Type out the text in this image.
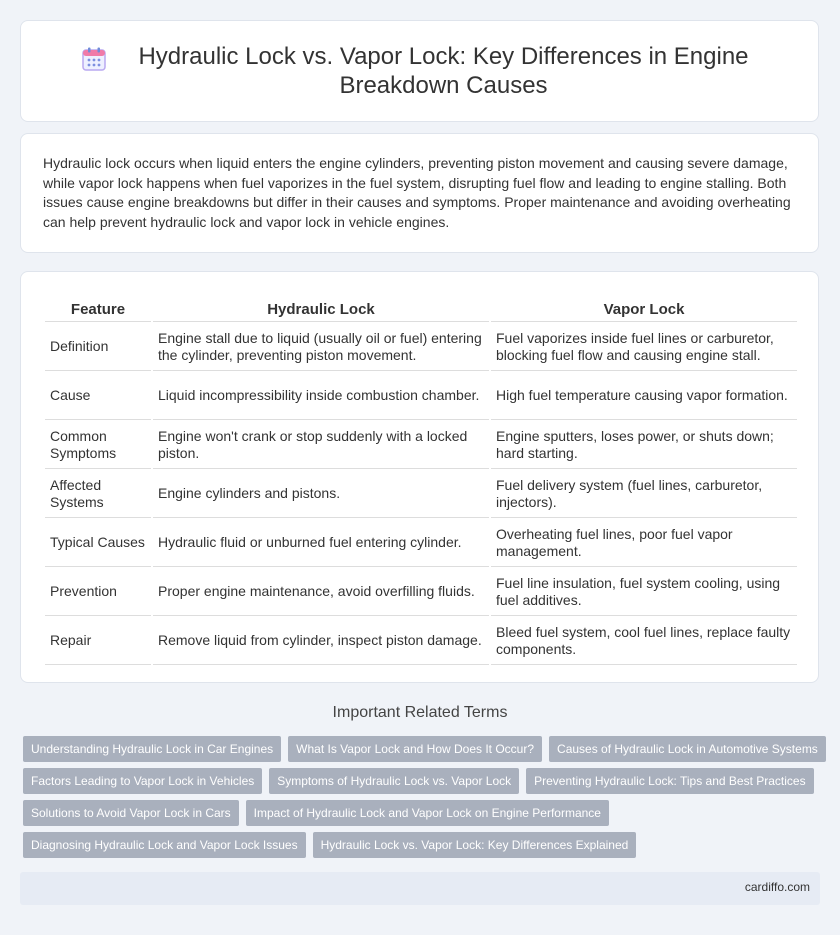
Hydraulic Lock vs. Vapor Lock: Key Differences in Engine Breakdown Causes

Hydraulic lock occurs when liquid enters the engine cylinders, preventing piston movement and causing severe damage, while vapor lock happens when fuel vaporizes in the fuel system, disrupting fuel flow and leading to engine stalling. Both issues cause engine breakdowns but differ in their causes and symptoms. Proper maintenance and avoiding overheating can help prevent hydraulic lock and vapor lock in vehicle engines.

Feature	Hydraulic Lock	Vapor Lock
Definition	Engine stall due to liquid (usually oil or fuel) entering the cylinder, preventing piston movement.	Fuel vaporizes inside fuel lines or carburetor, blocking fuel flow and causing engine stall.
Cause	Liquid incompressibility inside combustion chamber.	High fuel temperature causing vapor formation.
Common Symptoms	Engine won't crank or stop suddenly with a locked piston.	Engine sputters, loses power, or shuts down; hard starting.
Affected Systems	Engine cylinders and pistons.	Fuel delivery system (fuel lines, carburetor, injectors).
Typical Causes	Hydraulic fluid or unburned fuel entering cylinder.	Overheating fuel lines, poor fuel vapor management.
Prevention	Proper engine maintenance, avoid overfilling fluids.	Fuel line insulation, fuel system cooling, using fuel additives.
Repair	Remove liquid from cylinder, inspect piston damage.	Bleed fuel system, cool fuel lines, replace faulty components.
Important Related Terms
Understanding Hydraulic Lock in Car Engines	What Is Vapor Lock and How Does It Occur?	Causes of Hydraulic Lock in Automotive Systems
Factors Leading to Vapor Lock in Vehicles	Symptoms of Hydraulic Lock vs. Vapor Lock	Preventing Hydraulic Lock: Tips and Best Practices
Solutions to Avoid Vapor Lock in Cars	Impact of Hydraulic Lock and Vapor Lock on Engine Performance
Diagnosing Hydraulic Lock and Vapor Lock Issues	Hydraulic Lock vs. Vapor Lock: Key Differences Explained
cardiffo.com
